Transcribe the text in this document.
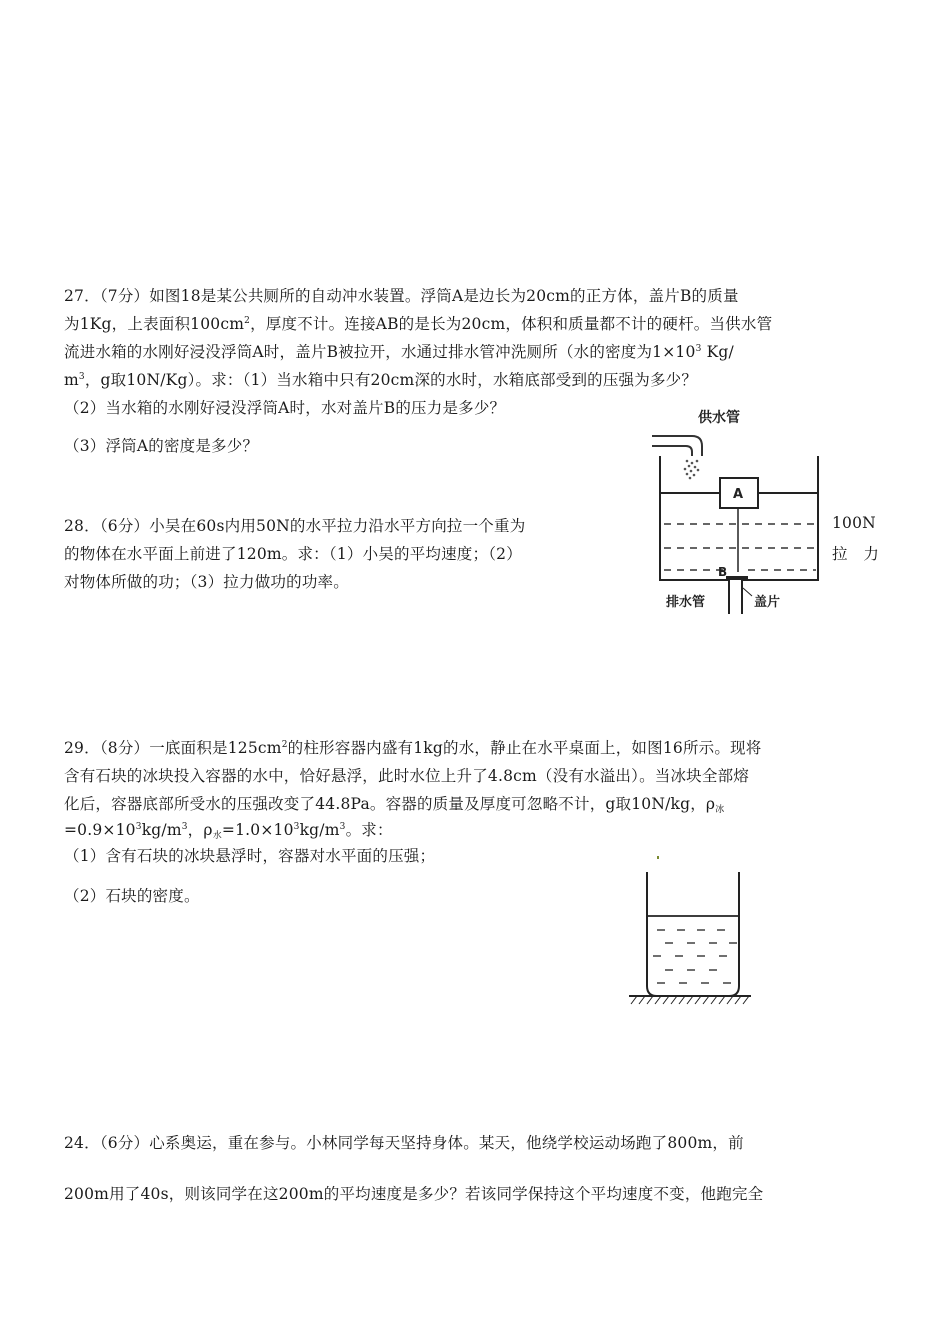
27．（7分）如图18是某公共厕所的自动冲水装置。浮筒A是边长为20cm的正方体，盖片B的质量
为1Kg，上表面积$100cm^2$，厚度不计。连接AB的是长为20cm，体积和质量都不计的硬杆。当供水管
流进水箱的水刚好浸没浮筒A时，盖片B被拉开，水通过排水管冲洗厕所（水的密度为$1\times 10^3$ Kg/
$m^3$，g取10N/Kg）。求：（1）当水箱中只有20cm深的水时，水箱底部受到的压强为多少？
（2）当水箱的水刚好浸没浮筒A时，水对盖片B的压力是多少？
（3）浮筒A的密度是多少？
供水管
A
B
排水管	盖片
28．（6分）小吴在60s内用50N的水平拉力沿水平方向拉一个重为	100N
的物体在水平面上前进了120m。求：（1）小吴的平均速度；（2）	拉　力
对物体所做的功；（3）拉力做功的功率。
29．（8分）一底面积是$125cm^2$的柱形容器内盛有1kg的水，静止在水平桌面上，如图16所示。现将
含有石块的冰块投入容器的水中，恰好悬浮，此时水位上升了4.8cm（没有水溢出）。当冰块全部熔
化后，容器底部所受水的压强改变了44.8Pa。容器的质量及厚度可忽略不计，g取10N/kg，$\rho_冰$
$=0.9\times 10^3kg/m^3$，$\rho_水=1.0\times 10^3kg/m^3$。求：
（1）含有石块的冰块悬浮时，容器对水平面的压强；
（2）石块的密度。
24．（6分）心系奥运，重在参与。小林同学每天坚持身体。某天，他绕学校运动场跑了800m，前
200m用了40s，则该同学在这200m的平均速度是多少？若该同学保持这个平均速度不变，他跑完全
